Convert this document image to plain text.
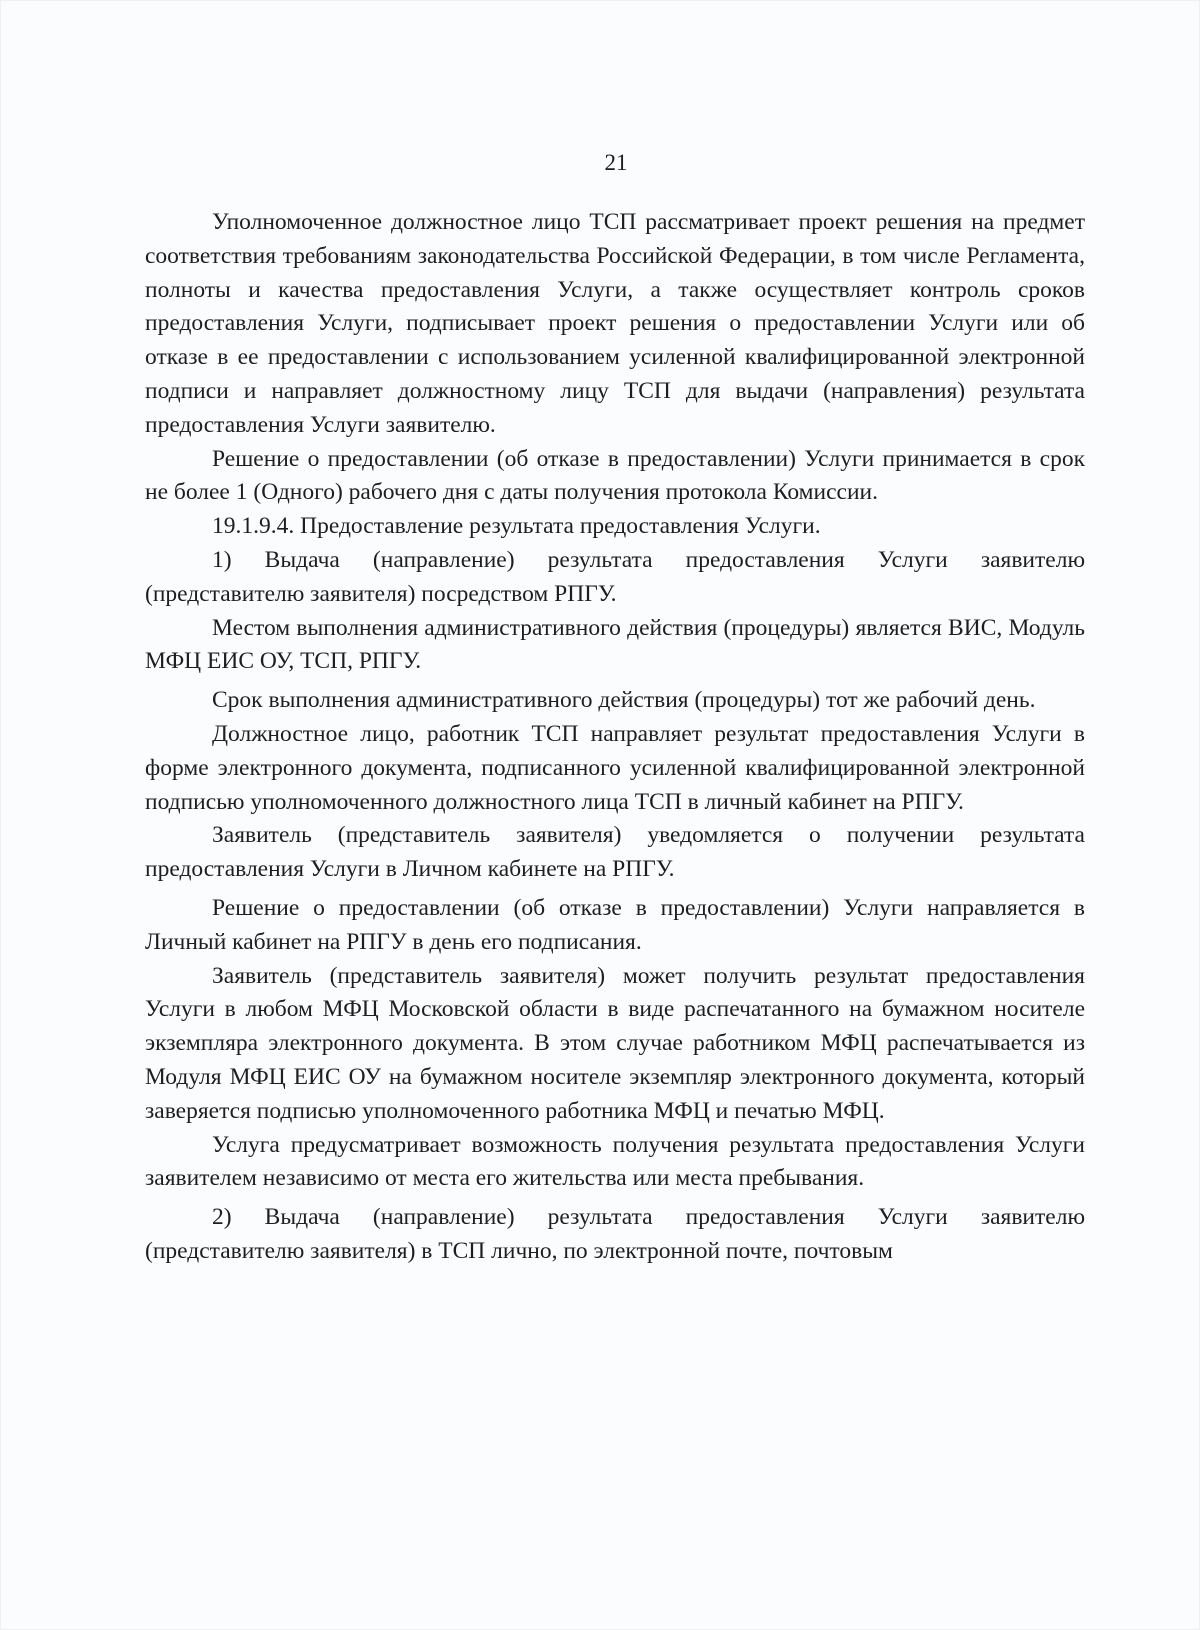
21

Уполномоченное должностное лицо ТСП рассматривает проект решения на предмет соответствия требованиям законодательства Российской Федерации, в том числе Регламента, полноты и качества предоставления Услуги, а также осуществляет контроль сроков предоставления Услуги, подписывает проект решения о предоставлении Услуги или об отказе в ее предоставлении с использованием усиленной квалифицированной электронной подписи и направляет должностному лицу ТСП для выдачи (направления) результата предоставления Услуги заявителю.

Решение о предоставлении (об отказе в предоставлении) Услуги принимается в срок не более 1 (Одного) рабочего дня с даты получения протокола Комиссии.

19.1.9.4. Предоставление результата предоставления Услуги.

1) Выдача (направление) результата предоставления Услуги заявителю (представителю заявителя) посредством РПГУ.

Местом выполнения административного действия (процедуры) является ВИС, Модуль МФЦ ЕИС ОУ, ТСП, РПГУ.

Срок выполнения административного действия (процедуры) тот же рабочий день.

Должностное лицо, работник ТСП направляет результат предоставления Услуги в форме электронного документа, подписанного усиленной квалифицированной электронной подписью уполномоченного должностного лица ТСП в личный кабинет на РПГУ.

Заявитель (представитель заявителя) уведомляется о получении результата предоставления Услуги в Личном кабинете на РПГУ.

Решение о предоставлении (об отказе в предоставлении) Услуги направляется в Личный кабинет на РПГУ в день его подписания.

Заявитель (представитель заявителя) может получить результат предоставления Услуги в любом МФЦ Московской области в виде распечатанного на бумажном носителе экземпляра электронного документа. В этом случае работником МФЦ распечатывается из Модуля МФЦ ЕИС ОУ на бумажном носителе экземпляр электронного документа, который заверяется подписью уполномоченного работника МФЦ и печатью МФЦ.

Услуга предусматривает возможность получения результата предоставления Услуги заявителем независимо от места его жительства или места пребывания.

2) Выдача (направление) результата предоставления Услуги заявителю (представителю заявителя) в ТСП лично, по электронной почте, почтовым
